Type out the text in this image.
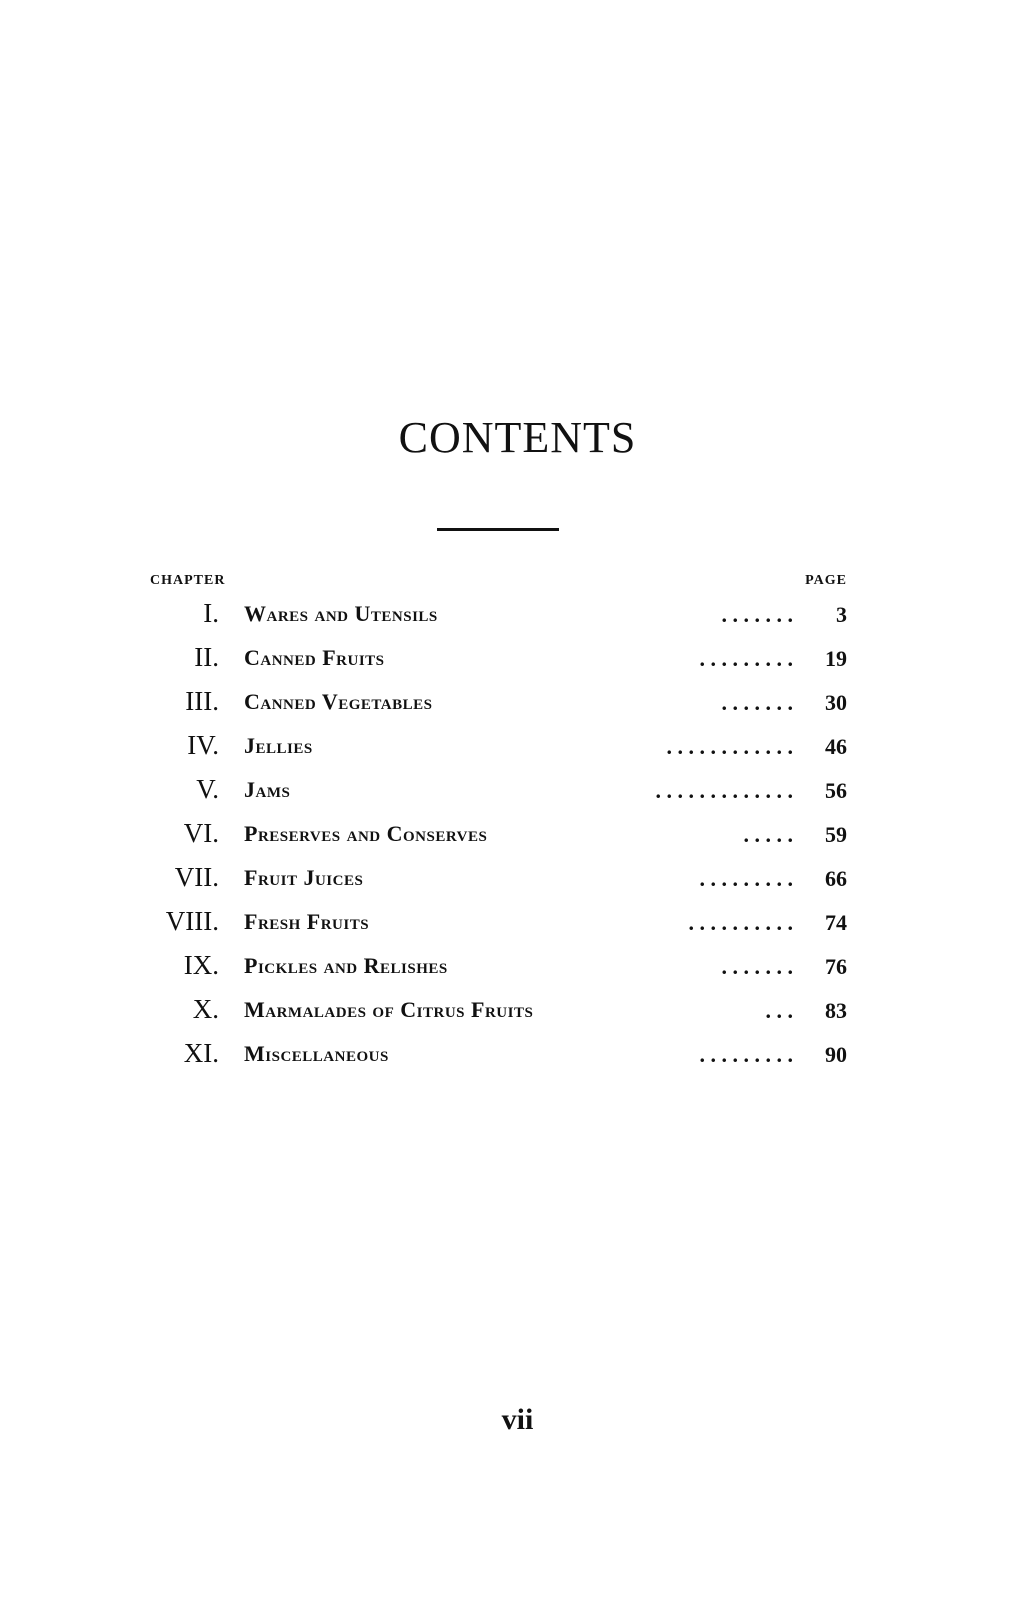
CONTENTS
CHAPTER	PAGE
I. Wares and Utensils	. . . . . . .	3
II. Canned Fruits	. . . . . . . . .	19
III. Canned Vegetables	. . . . . . .	30
IV. Jellies	. . . . . . . . . . . .	46
V. Jams	. . . . . . . . . . . . .	56
VI. Preserves and Conserves	. . . . .	59
VII. Fruit Juices	. . . . . . . . .	66
VIII. Fresh Fruits	. . . . . . . . . .	74
IX. Pickles and Relishes	. . . . . . .	76
X. Marmalades of Citrus Fruits	. . .	83
XI. Miscellaneous	. . . . . . . . .	90
vii
